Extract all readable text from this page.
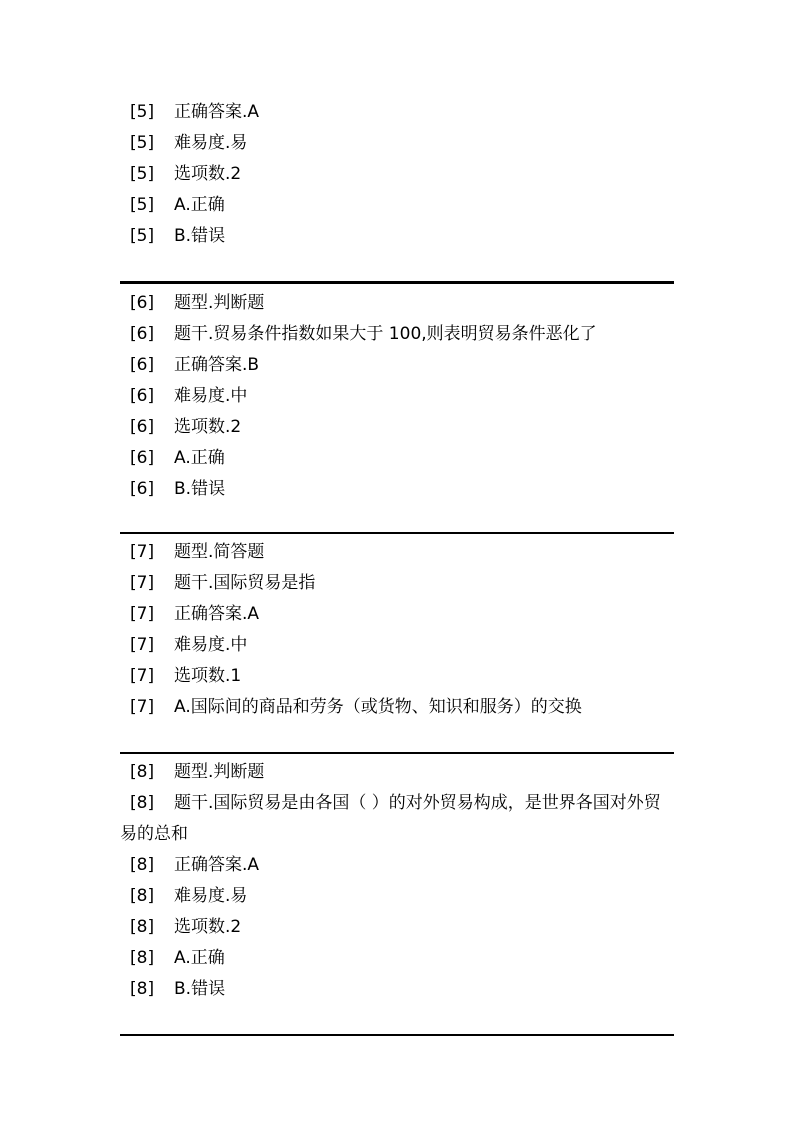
[5]	正确答案.A
[5]	难易度.易
[5]	选项数.2
[5]	A.正确
[5]	B.错误
[6]	题型.判断题
[6]	题干.贸易条件指数如果大于 100,则表明贸易条件恶化了
[6]	正确答案.B
[6]	难易度.中
[6]	选项数.2
[6]	A.正确
[6]	B.错误
[7]	题型.简答题
[7]	题干.国际贸易是指
[7]	正确答案.A
[7]	难易度.中
[7]	选项数.1
[7]	A.国际间的商品和劳务（或货物、知识和服务）的交换
[8]	题型.判断题
[8] 题干.国际贸易是由各国（ ）的对外贸易构成，是世界各国对外贸易的总和
[8]	正确答案.A
[8]	难易度.易
[8]	选项数.2
[8]	A.正确
[8]	B.错误
